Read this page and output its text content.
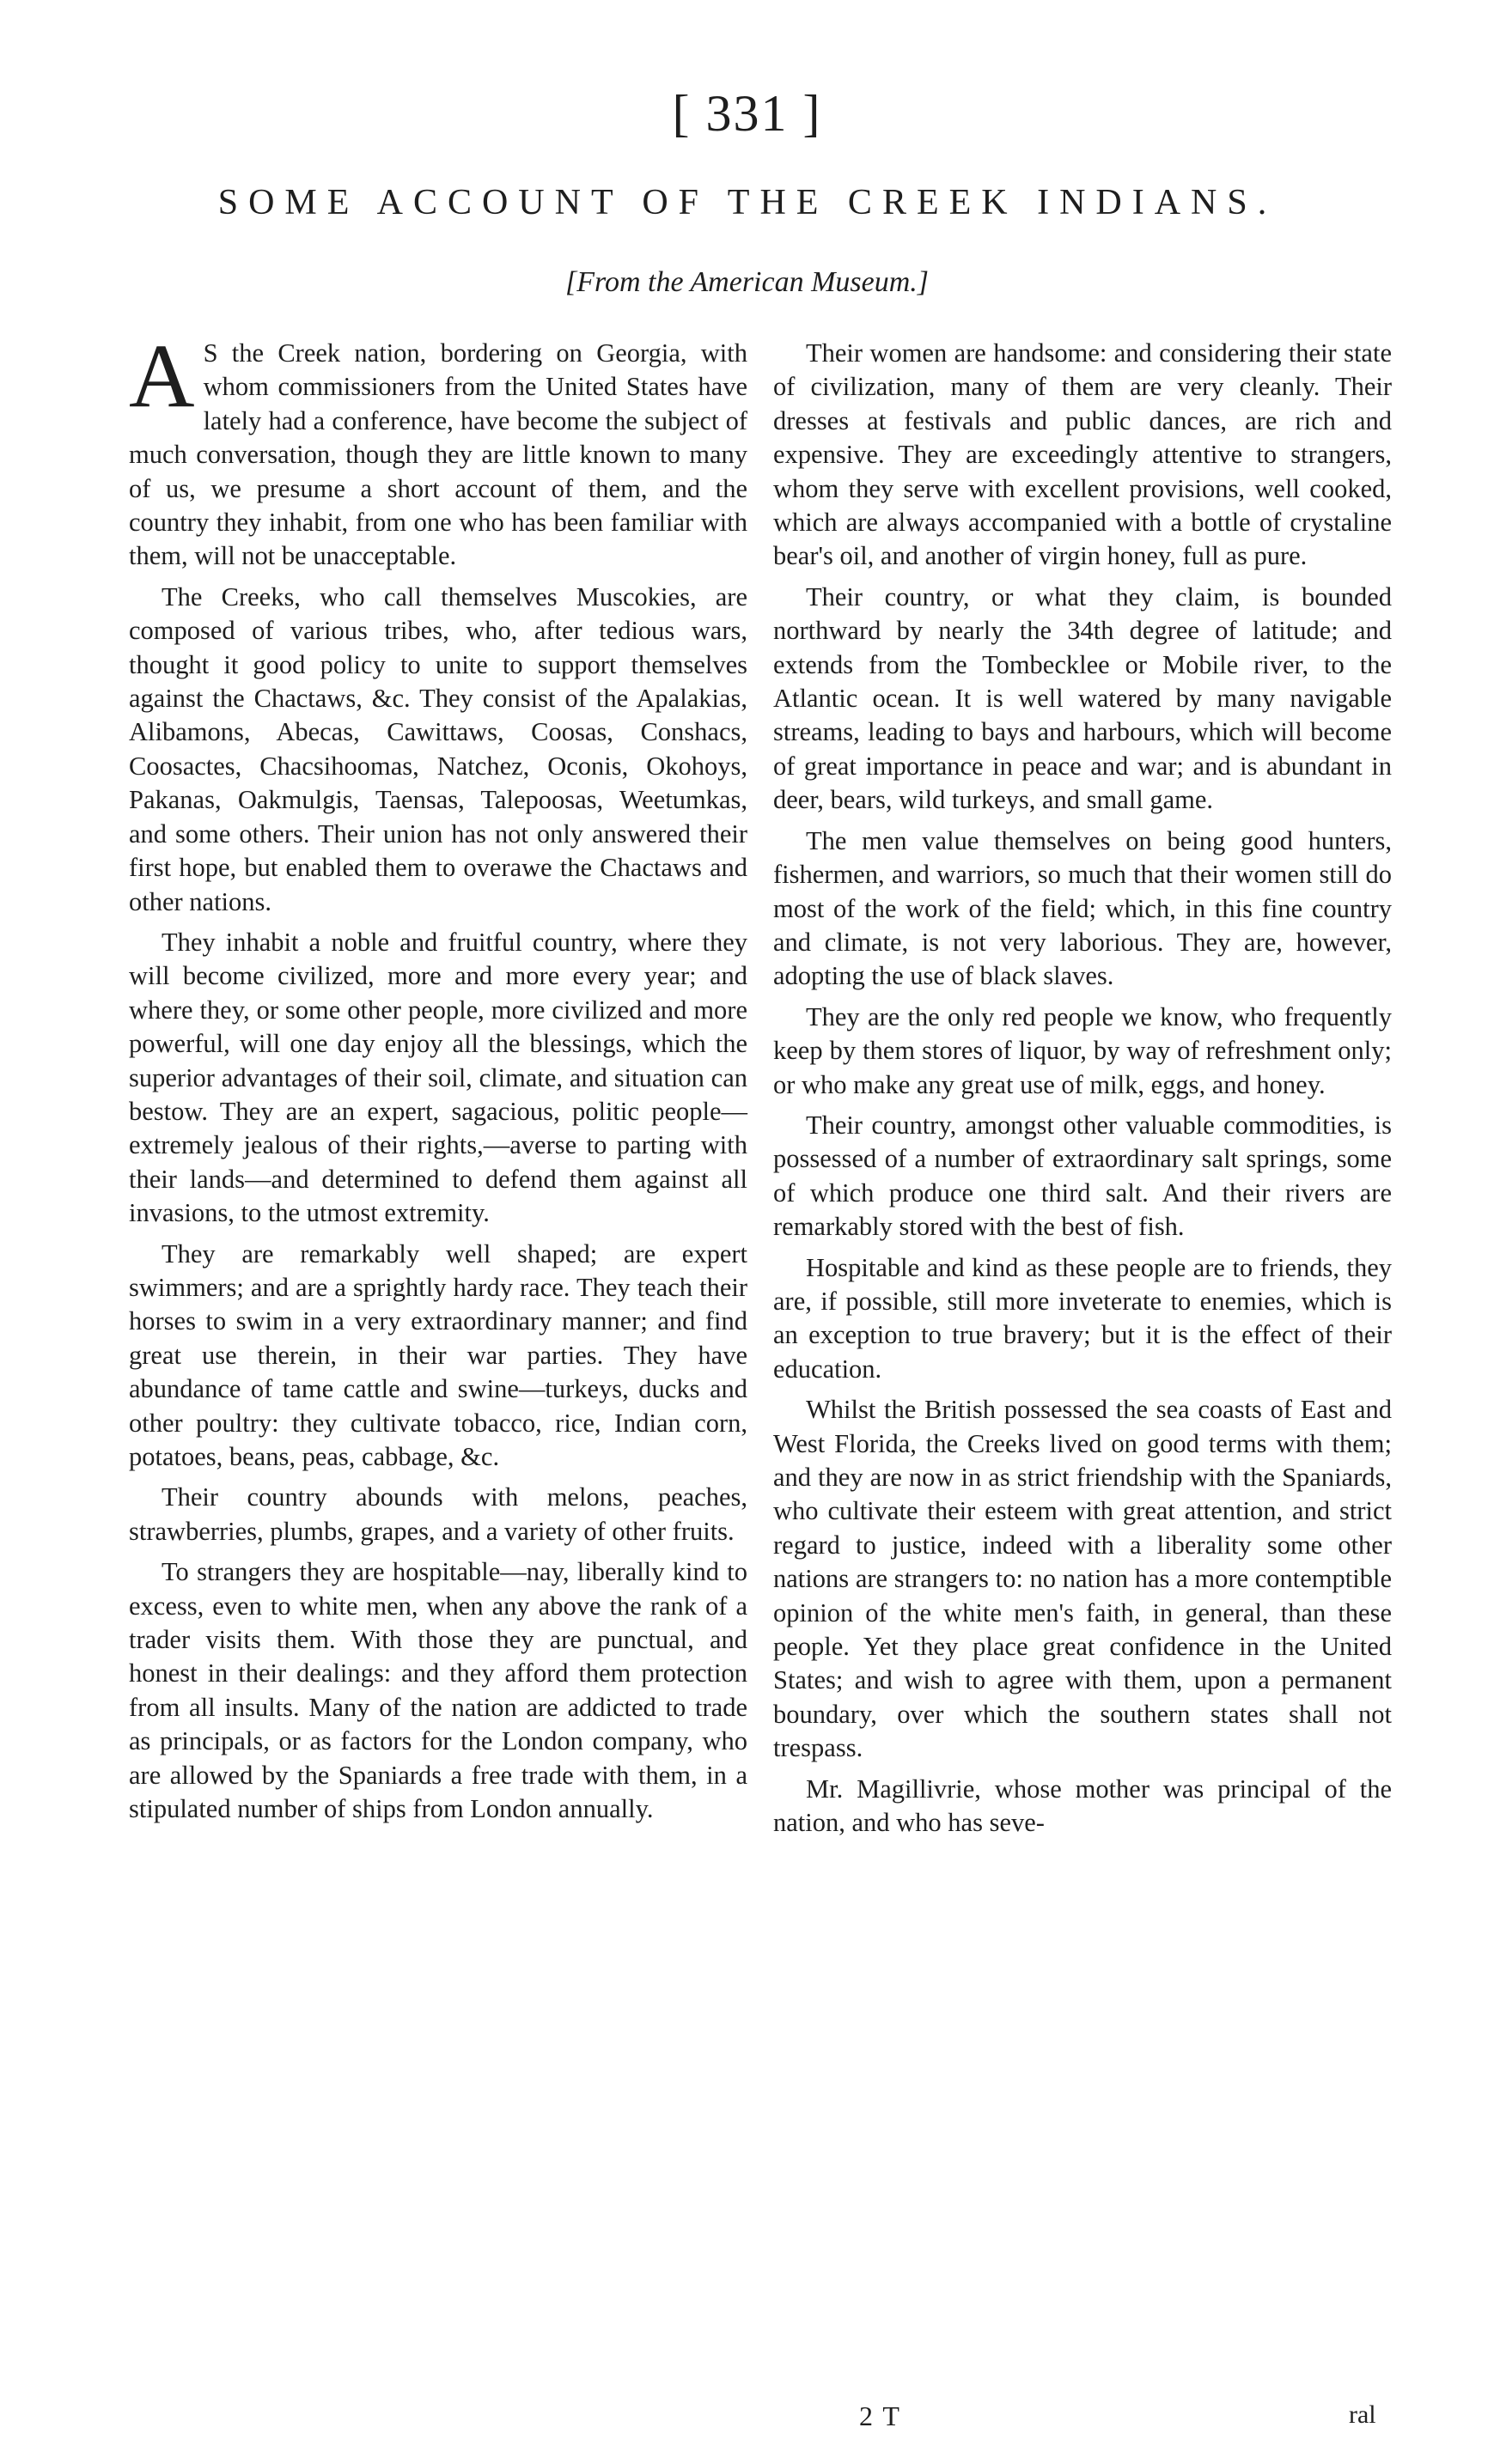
[ 331 ]
SOME ACCOUNT OF THE CREEK INDIANS.
[From the American Museum.]

A S the Creek nation, bordering on Georgia, with whom commissioners from the United States have lately had a conference, have become the subject of much conversation, though they are little known to many of us, we presume a short account of them, and the country they inhabit, from one who has been familiar with them, will not be unacceptable.

The Creeks, who call themselves Muscokies, are composed of various tribes, who, after tedious wars, thought it good policy to unite to support themselves against the Chactaws, &c. They consist of the Apalakias, Alibamons, Abecas, Cawittaws, Coosas, Conshacs, Coosactes, Chacsihoomas, Natchez, Oconis, Okohoys, Pakanas, Oakmulgis, Taensas, Talepoosas, Weetumkas, and some others. Their union has not only answered their first hope, but enabled them to overawe the Chactaws and other nations.

They inhabit a noble and fruitful country, where they will become civilized, more and more every year; and where they, or some other people, more civilized and more powerful, will one day enjoy all the blessings, which the superior advantages of their soil, climate, and situation can bestow. They are an expert, sagacious, politic people—extremely jealous of their rights,—averse to parting with their lands—and determined to defend them against all invasions, to the utmost extremity.

They are remarkably well shaped; are expert swimmers; and are a sprightly hardy race. They teach their horses to swim in a very extraordinary manner; and find great use therein, in their war parties. They have abundance of tame cattle and swine—turkeys, ducks and other poultry: they cultivate tobacco, rice, Indian corn, potatoes, beans, peas, cabbage, &c.

Their country abounds with melons, peaches, strawberries, plumbs, grapes, and a variety of other fruits.

To strangers they are hospitable—nay, liberally kind to excess, even to white men, when any above the rank of a trader visits them. With those they are punctual, and honest in their dealings: and they afford them protection from all insults. Many of the nation are addicted to trade as principals, or as factors for the London company, who are allowed by the Spaniards a free trade with them, in a stipulated number of ships from London annually.

Their women are handsome: and considering their state of civilization, many of them are very cleanly. Their dresses at festivals and public dances, are rich and expensive. They are exceedingly attentive to strangers, whom they serve with excellent provisions, well cooked, which are always accompanied with a bottle of crystaline bear's oil, and another of virgin honey, full as pure.

Their country, or what they claim, is bounded northward by nearly the 34th degree of latitude; and extends from the Tombecklee or Mobile river, to the Atlantic ocean. It is well watered by many navigable streams, leading to bays and harbours, which will become of great importance in peace and war; and is abundant in deer, bears, wild turkeys, and small game.

The men value themselves on being good hunters, fishermen, and warriors, so much that their women still do most of the work of the field; which, in this fine country and climate, is not very laborious. They are, however, adopting the use of black slaves.

They are the only red people we know, who frequently keep by them stores of liquor, by way of refreshment only; or who make any great use of milk, eggs, and honey.

Their country, amongst other valuable commodities, is possessed of a number of extraordinary salt springs, some of which produce one third salt. And their rivers are remarkably stored with the best of fish.

Hospitable and kind as these people are to friends, they are, if possible, still more inveterate to enemies, which is an exception to true bravery; but it is the effect of their education.

Whilst the British possessed the sea coasts of East and West Florida, the Creeks lived on good terms with them; and they are now in as strict friendship with the Spaniards, who cultivate their esteem with great attention, and strict regard to justice, indeed with a liberality some other nations are strangers to: no nation has a more contemptible opinion of the white men's faith, in general, than these people. Yet they place great confidence in the United States; and wish to agree with them, upon a permanent boundary, over which the southern states shall not trespass.

Mr. Magillivrie, whose mother was principal of the nation, and who has seve-

2 T	ral
